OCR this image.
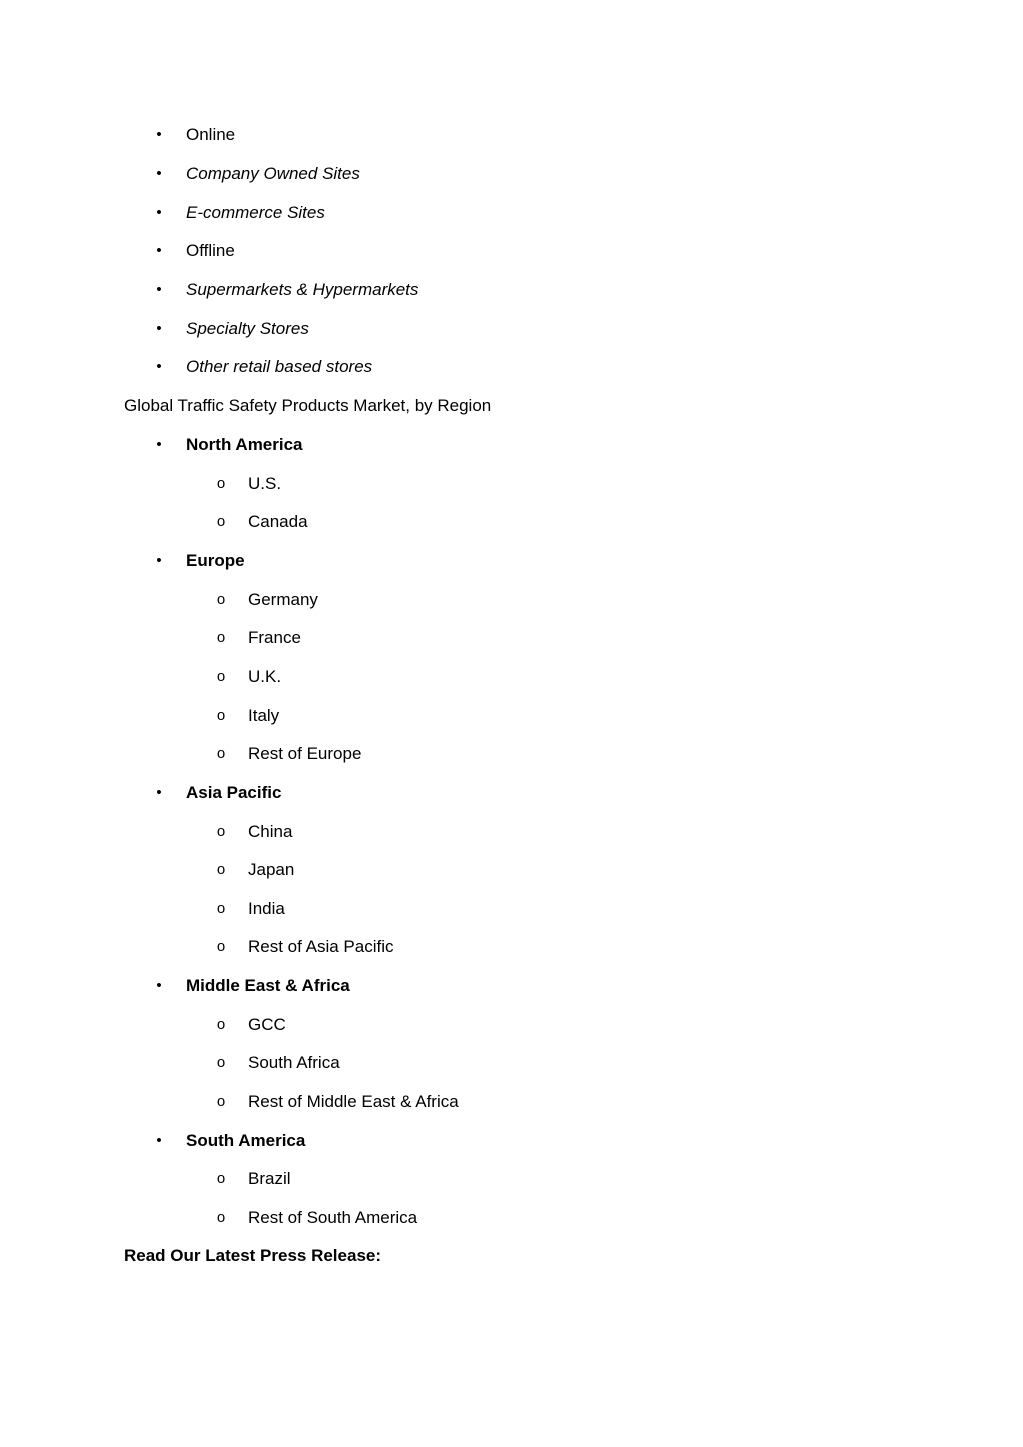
• Online
• Company Owned Sites
• E-commerce Sites
• Offline
• Supermarkets & Hypermarkets
• Specialty Stores
• Other retail based stores
Global Traffic Safety Products Market, by Region
• North America
o U.S.
o Canada
• Europe
o Germany
o France
o U.K.
o Italy
o Rest of Europe
• Asia Pacific
o China
o Japan
o India
o Rest of Asia Pacific
• Middle East & Africa
o GCC
o South Africa
o Rest of Middle East & Africa
• South America
o Brazil
o Rest of South America
Read Our Latest Press Release:
